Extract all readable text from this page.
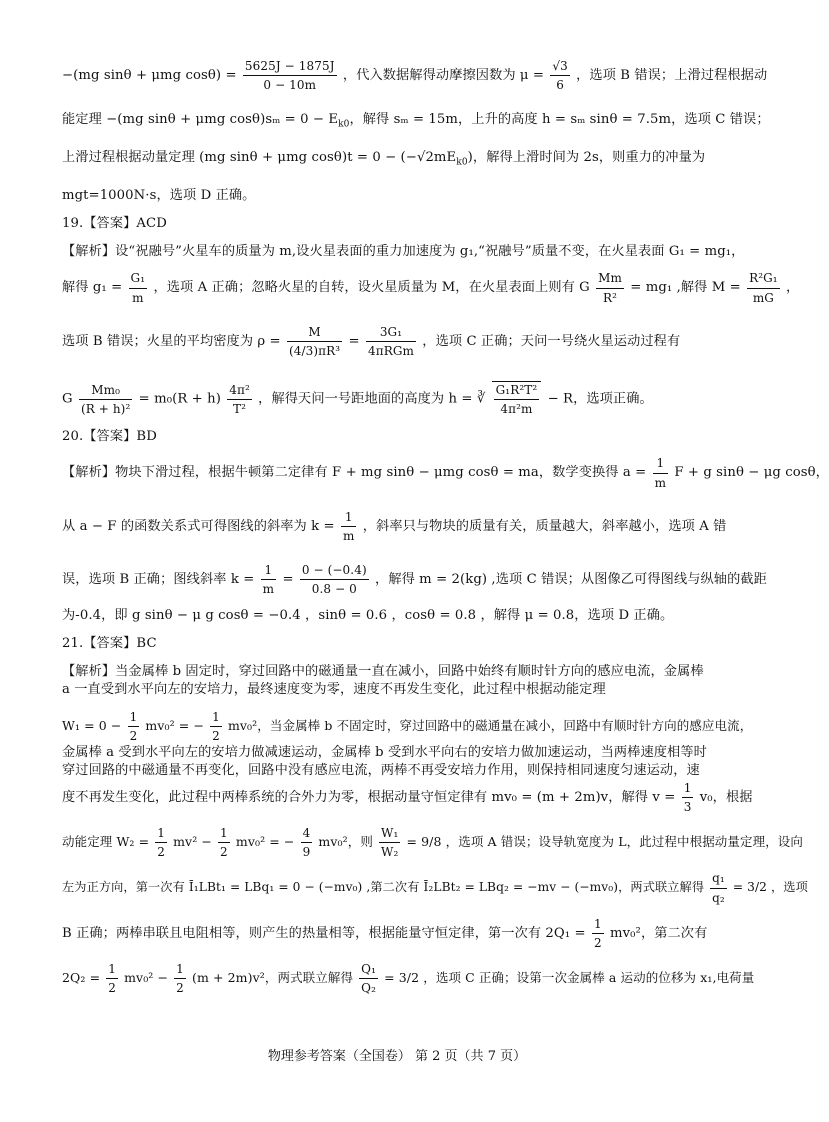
−(mg sinθ + μmg $\cos\theta) = \frac{5625J - 1875J}{0 - 10m}$ ，代入数据解得动摩擦因数为 $\mu = \frac{√3}{6}$ ，选项 B 错误；上滑过程根据动
能定理 −(mg sinθ + μmg $\cos\theta)s_m = 0 - E_{k0}$，解得 sₘ = 15m，上升的高度 h = sₘ sinθ = 7.5m，选项 C 错误；
上滑过程根据动量定理 (mg sinθ + μmg $\cos\theta)t = 0 - (-√2mE_{k0})$，解得上滑时间为 2s，则重力的冲量为
mgt=1000N·s，选项 D 正确。
19.【答案】ACD
【解析】设“祝融号”火星车的质量为 m,设火星表面的重力加速度为 g₁,“祝融号”质量不变，在火星表面 G₁ = mg₁，
解得 $g_1 = \frac{\text{G₁}}{m}$ ，选项 A 正确；忽略火星的自转，设火星质量为 M，在火星表面上则有 G $\frac{Mm}{\text{R²}} = mg_1$ ,解得 $M = \frac{\text{R²G₁}}{mG}$ ，
选项 B 错误；火星的平均密度为 $\rho = \frac{M}{\text{(4/3)πR³}} = \frac{\text{3G₁}}{\text{4πRGm}}$ ，选项 C 正确；天问一号绕火星运动过程有
G $\frac{\text{Mm₀}}{\text{(R + h)²}} = m_0(R + h) \frac{\text{4π²}}{\text{T²}}$ ，解得天问一号距地面的高度为 h = ∛ $\frac{\text{G₁R²T²}}{\text{4π²m}} - R$，选项正确。
20.【答案】BD
【解析】物块下滑过程，根据牛顿第二定律有 F + mg sinθ − μmg cosθ = ma，数学变换得 $a = \frac{1}{m}$ F + g sinθ − μg cosθ，
从 a − F 的函数关系式可得图线的斜率为 $k = \frac{1}{m}$ ，斜率只与物块的质量有关，质量越大，斜率越小，选项 A 错
误，选项 B 正确；图线斜率 $k = \frac{1}{m} = \frac{0 - (-0.4)}{0.8 - 0}$ ，解得 m = 2(kg) ,选项 C 错误；从图像乙可得图线与纵轴的截距
为-0.4，即 g sinθ − μ g cosθ = −0.4 ，sinθ = 0.6 ，cosθ = 0.8 ，解得 μ = 0.8，选项 D 正确。
21.【答案】BC
【解析】当金属棒 b 固定时，穿过回路中的磁通量一直在减小，回路中始终有顺时针方向的感应电流，金属棒
a 一直受到水平向左的安培力，最终速度变为零，速度不再发生变化，此过程中根据动能定理
$W_1 = 0 - \frac{1}{2} mv_0^2$ = − $\frac{1}{2} mv_0^2$，当金属棒 b 不固定时，穿过回路中的磁通量在减小，回路中有顺时针方向的感应电流，
金属棒 a 受到水平向左的安培力做减速运动，金属棒 b 受到水平向右的安培力做加速运动，当两棒速度相等时
穿过回路的中磁通量不再变化，回路中没有感应电流，两棒不再受安培力作用，则保持相同速度匀速运动，速
度不再发生变化，此过程中两棒系统的合外力为零，根据动量守恒定律有 mv₀ = (m + 2m)v，解得 $v = \frac{1}{3} v_0$，根据
动能定理 $W_2 = \frac{1}{2} mv^2 - \frac{1}{2} mv_0^2$ = − $\frac{4}{9} mv_0^2$，则 $\frac{\text{W₁}}{\text{W₂}} = 9/8$ ，选项 A 错误；设导轨宽度为 L，此过程中根据动量定理，设向
左为正方向，第一次有 Ī₁LBt₁ = LBq₁ = 0 − (−mv₀) ,第二次有 Ī₂LBt₂ = LBq₂ = −mv − (−mv₀)，两式联立解得 $\frac{\text{q₁}}{\text{q₂}} = 3/2$ ，选项
B 正确；两棒串联且电阻相等，则产生的热量相等，根据能量守恒定律，第一次有 $2Q_1 = \frac{1}{2} mv_0^2$，第二次有
$2Q_2 = \frac{1}{2} mv_0^2 - \frac{1}{2} (m + 2m)v^2$，两式联立解得 $\frac{\text{Q₁}}{\text{Q₂}} = 3/2$ ，选项 C 正确；设第一次金属棒 a 运动的位移为 x₁,电荷量
物理参考答案（全国卷） 第 2 页（共 7 页）
